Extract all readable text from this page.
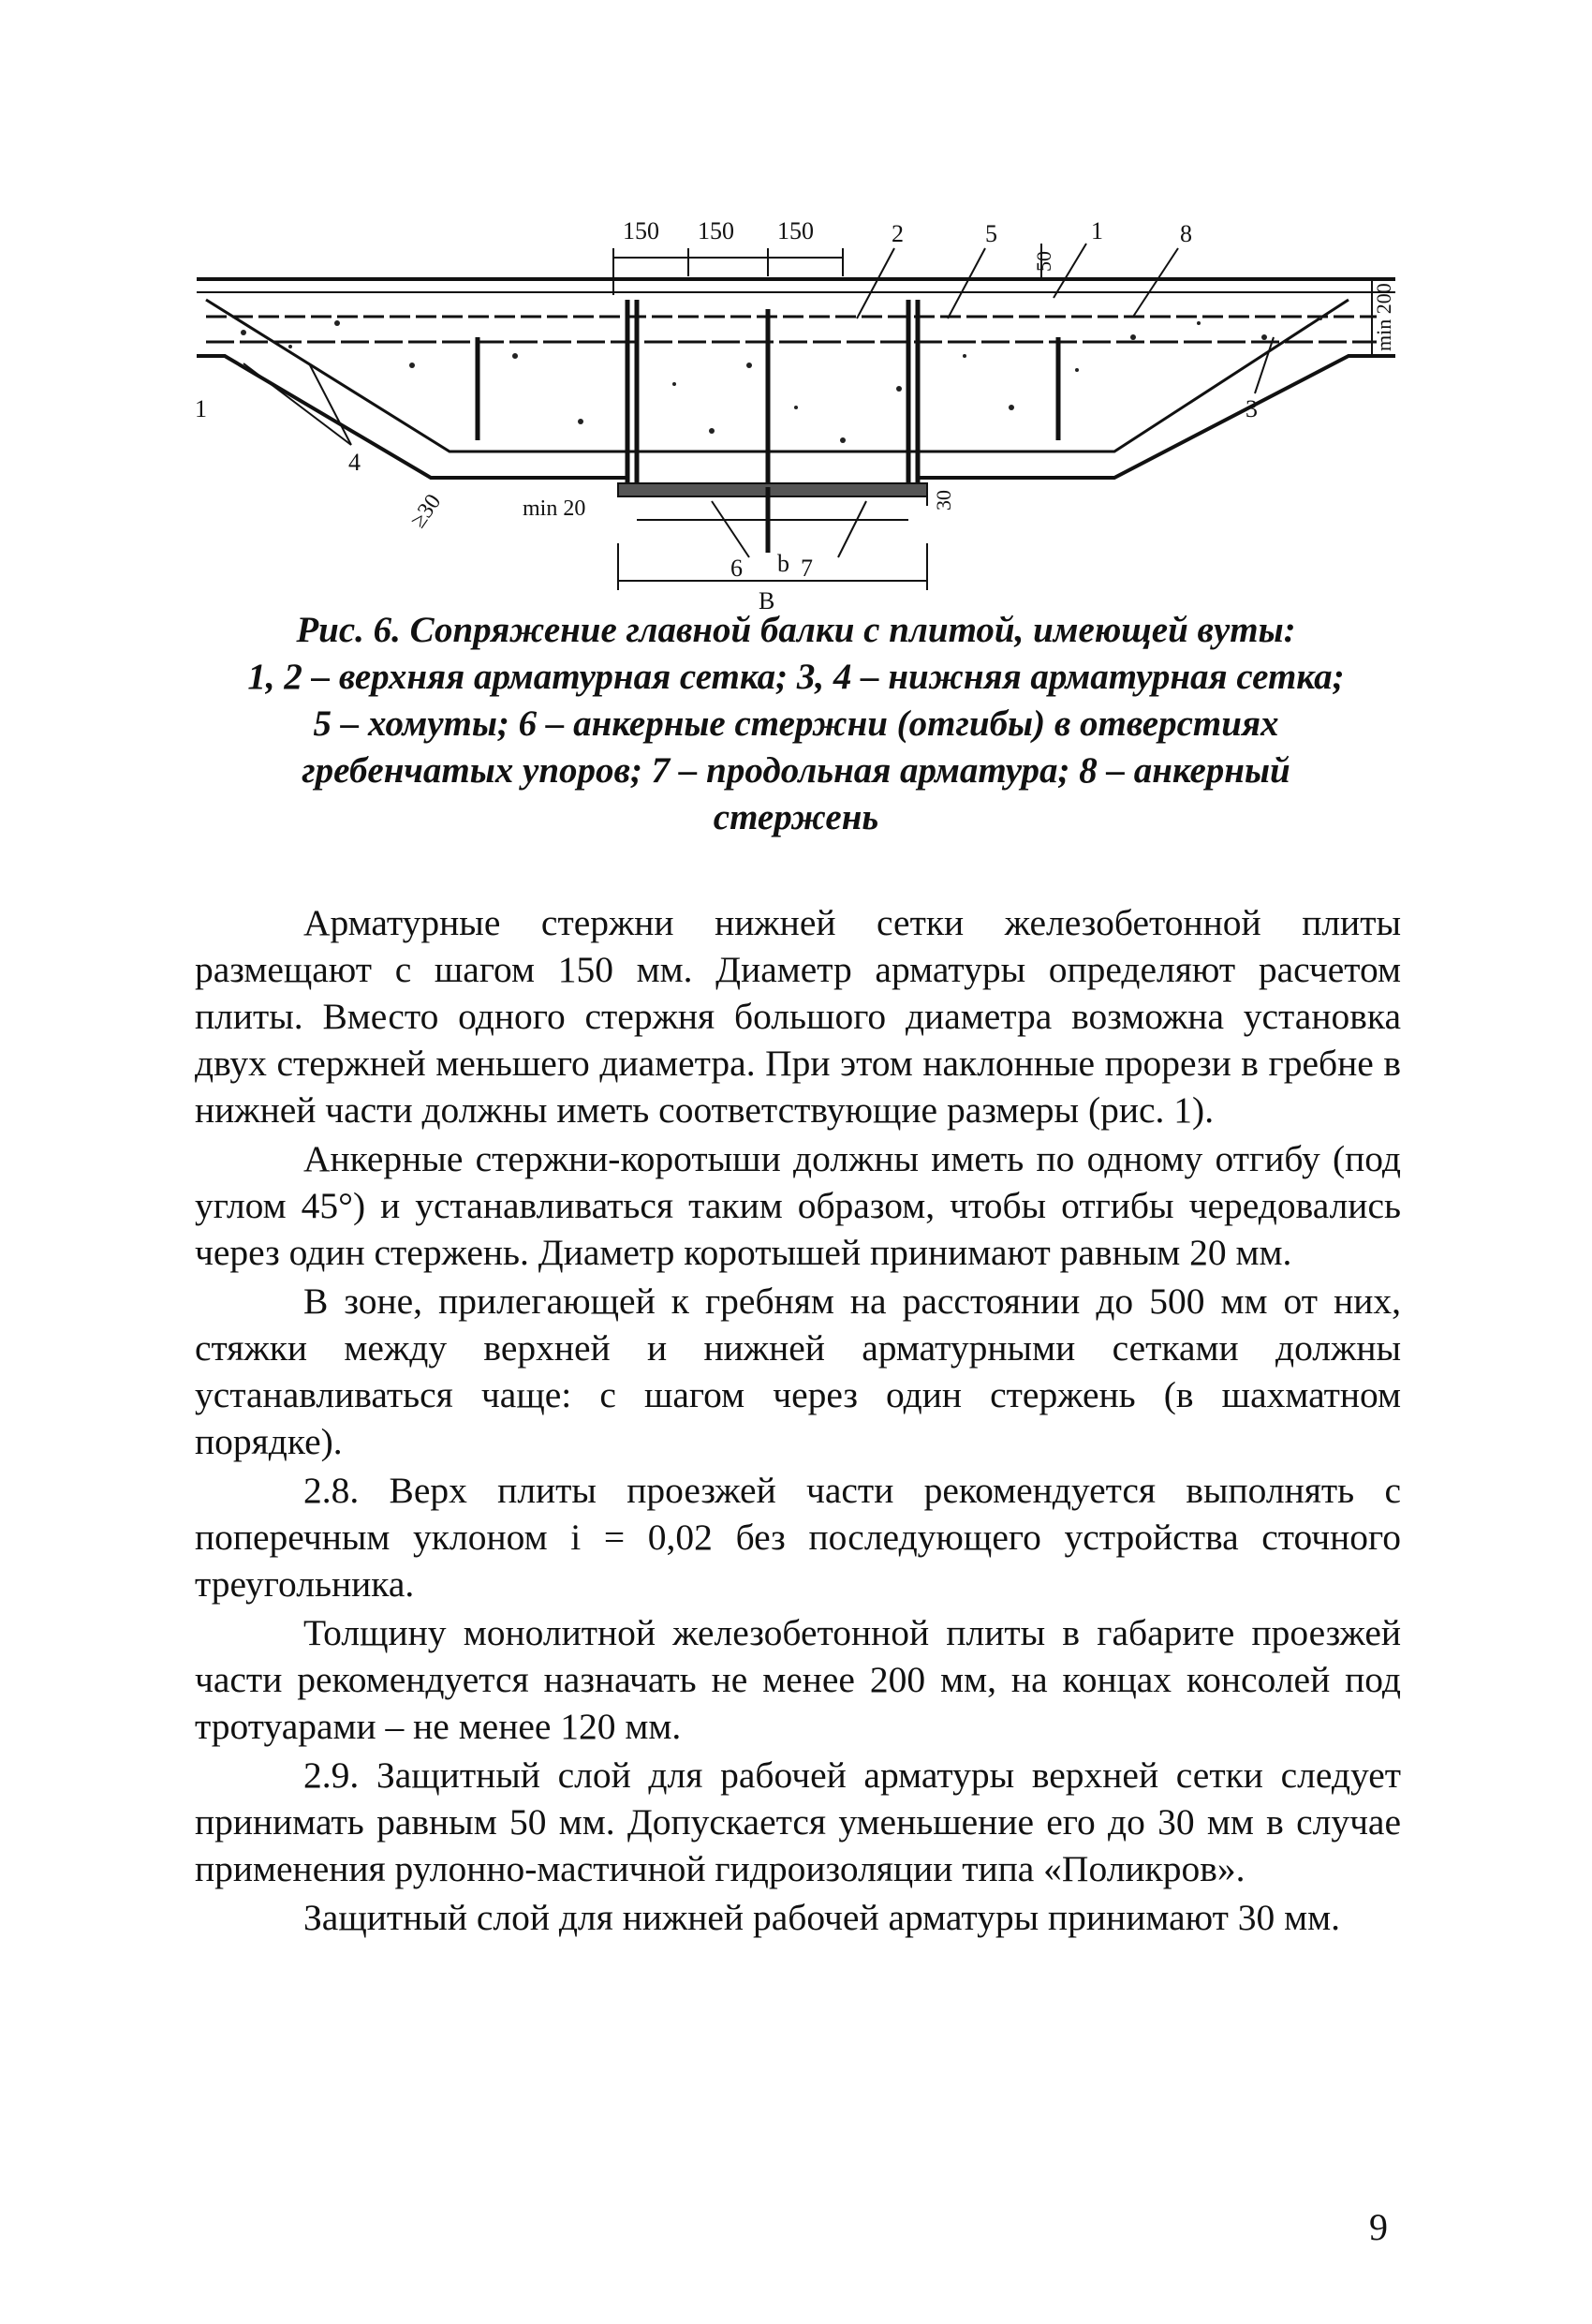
150 150 150
50
min 200
≥30	min 20	30
b
B
1
2
3
4
5
6 7
8
1
Рис. 6. Сопряжение главной балки с плитой, имеющей вуты:
1, 2 – верхняя арматурная сетка; 3, 4 – нижняя арматурная сетка;
5 – хомуты; 6 – анкерные стержни (отгибы) в отверстиях
гребенчатых упоров; 7 – продольная арматура; 8 – анкерный
стержень

Арматурные стержни нижней сетки железобетонной плиты размещают с шагом 150 мм. Диаметр арматуры определяют расчетом плиты. Вместо одного стержня большого диаметра возможна установка двух стержней меньшего диаметра. При этом наклонные прорези в гребне в нижней части должны иметь соответствующие размеры (рис. 1).

Анкерные стержни-коротыши должны иметь по одному отгибу (под углом 45°) и устанавливаться таким образом, чтобы отгибы чередовались через один стержень. Диаметр коротышей принимают равным 20 мм.

В зоне, прилегающей к гребням на расстоянии до 500 мм от них, стяжки между верхней и нижней арматурными сетками должны устанавливаться чаще: с шагом через один стержень (в шахматном порядке).

2.8. Верх плиты проезжей части рекомендуется выполнять с поперечным уклоном i = 0,02 без последующего устройства сточного треугольника.

Толщину монолитной железобетонной плиты в габарите проезжей части рекомендуется назначать не менее 200 мм, на концах консолей под тротуарами – не менее 120 мм.

2.9. Защитный слой для рабочей арматуры верхней сетки следует принимать равным 50 мм. Допускается уменьшение его до 30 мм в случае применения рулонно-мастичной гидроизоляции типа «Поликров».

Защитный слой для нижней рабочей арматуры принимают 30 мм.

9
